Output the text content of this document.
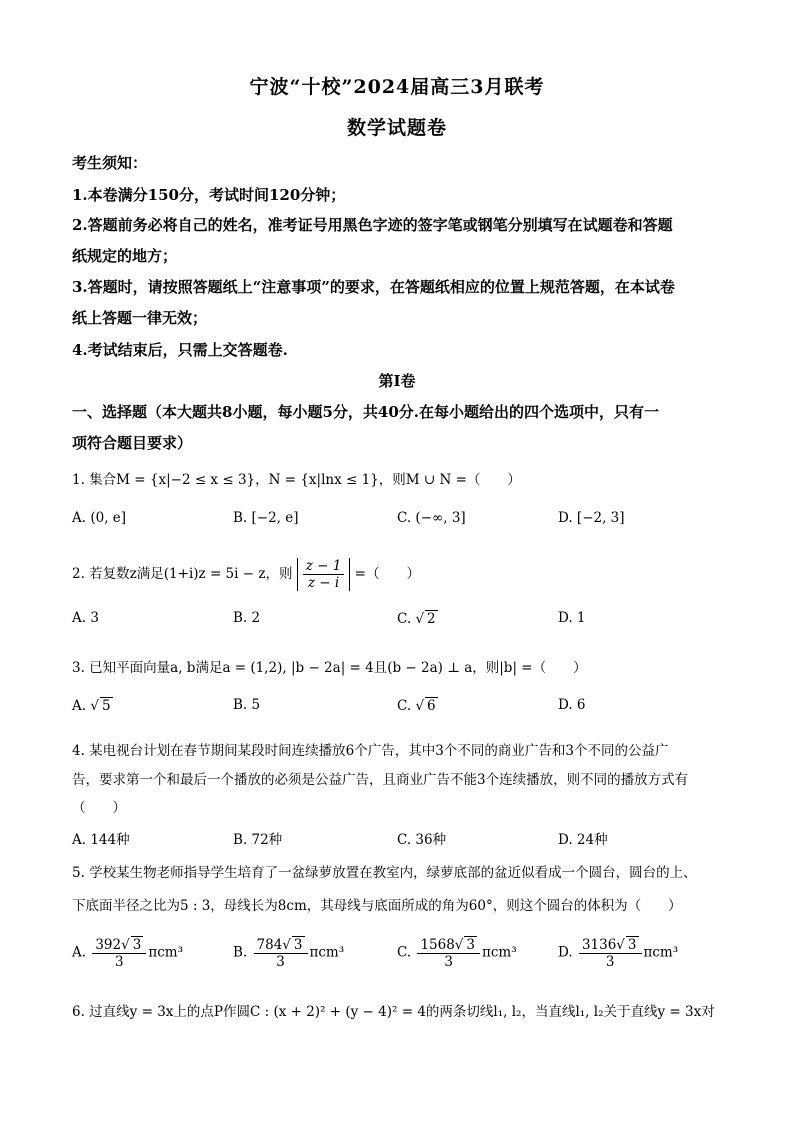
宁波“十校”2024届高三3月联考
数学试题卷
考生须知：
1.本卷满分150分，考试时间120分钟；
2.答题前务必将自己的姓名，准考证号用黑色字迹的签字笔或钢笔分别填写在试题卷和答题
纸规定的地方；
3.答题时，请按照答题纸上“注意事项”的要求，在答题纸相应的位置上规范答题，在本试卷
纸上答题一律无效；
4.考试结束后，只需上交答题卷.
第Ⅰ卷
一、选择题（本大题共8小题，每小题5分，共40分.在每小题给出的四个选项中，只有一
项符合题目要求）
1. 集合M = {x|−2 ≤ x ≤ 3}，N = {x|lnx ≤ 1}，则M ∪ N =（　　）
A. (0, e]	B. [−2, e]	C. (−∞, 3]	D. [−2, 3]
2. 若复数z满足(1+i)z = 5i − z，则 $\frac{z - 1}{z - i}$ =（　　）
A. 3	B. 2	C. √ 2	D. 1
3. 已知平面向量a, b满足a = (1,2), |b − 2a| = 4且(b − 2a) ⊥ a，则|b| =（　　）
A. √ 5	B. 5	C. √ 6	D. 6
4. 某电视台计划在春节期间某段时间连续播放6个广告，其中3个不同的商业广告和3个不同的公益广
告，要求第一个和最后一个播放的必须是公益广告，且商业广告不能3个连续播放，则不同的播放方式有
（　　）
A. 144种	B. 72种	C. 36种	D. 24种
5. 学校某生物老师指导学生培育了一盆绿萝放置在教室内，绿萝底部的盆近似看成一个圆台，圆台的上、
下底面半径之比为5 : 3，母线长为8cm，其母线与底面所成的角为60°，则这个圆台的体积为（　　）
A. $\frac{392√ 3}{3} \pi cm^3$	B. $\frac{784√ 3}{3} \pi cm^3$	C. $\frac{1568√ 3}{3} \pi cm^3$	D. $\frac{3136√ 3}{3} \pi cm^3$
6. 过直线y = 3x上的点P作圆C : (x + 2)² + (y − 4)² = 4的两条切线l₁, l₂，当直线l₁, l₂关于直线y = 3x对
